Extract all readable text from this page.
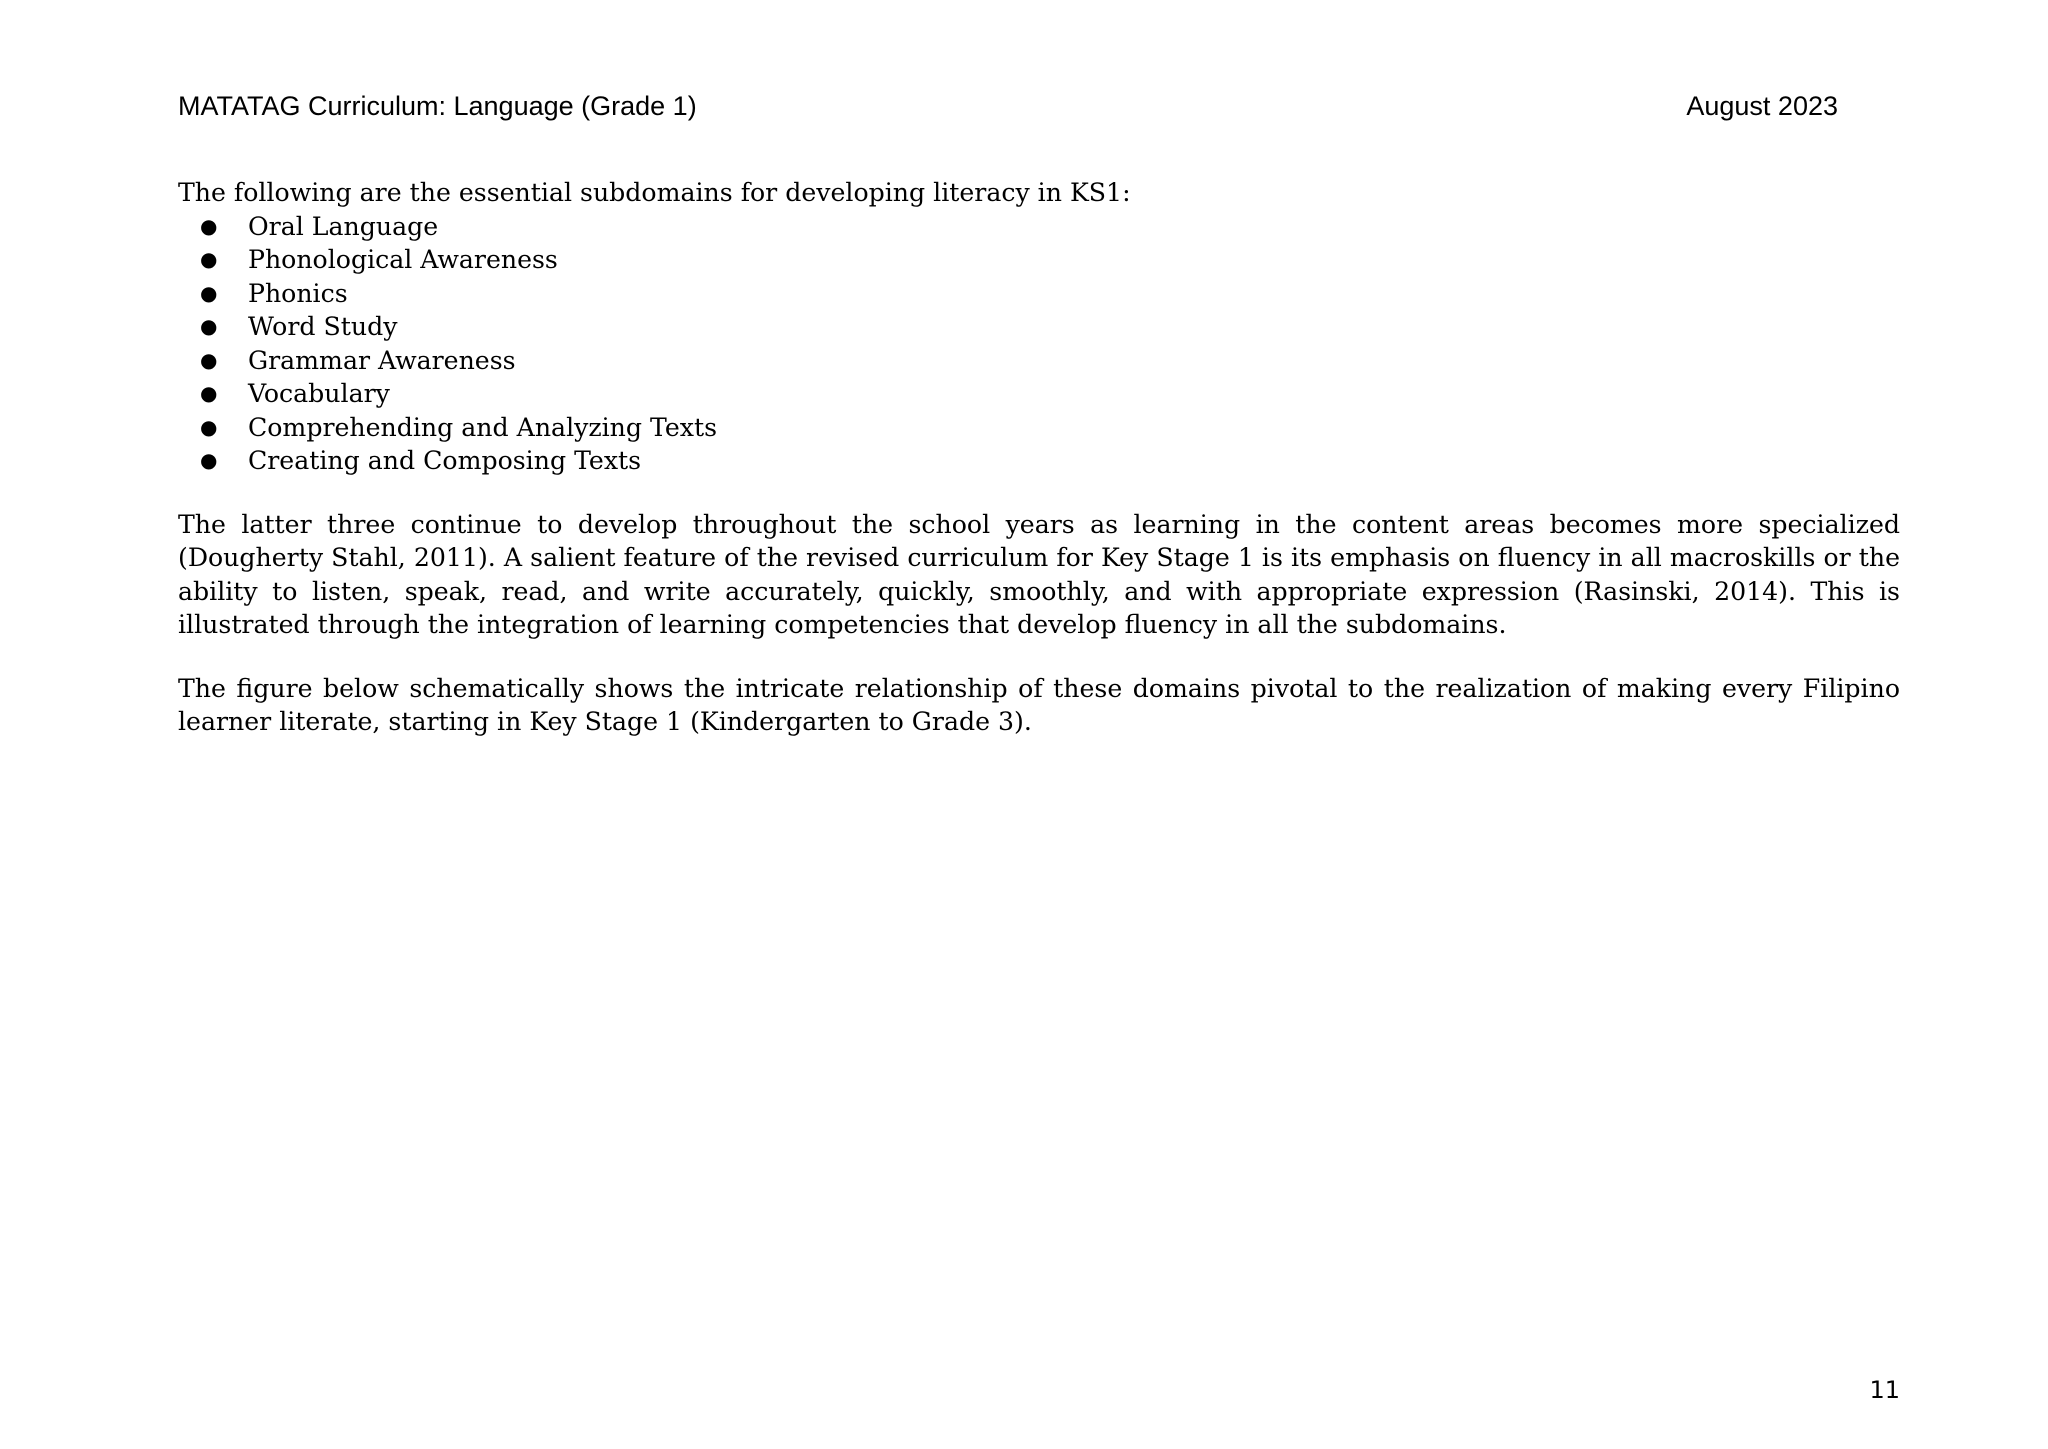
MATATAG Curriculum: Language (Grade 1)	August 2023

The following are the essential subdomains for developing literacy in KS1:

● Oral Language
● Phonological Awareness
● Phonics
● Word Study
● Grammar Awareness
● Vocabulary
● Comprehending and Analyzing Texts
● Creating and Composing Texts

The latter three continue to develop throughout the school years as learning in the content areas becomes more specialized (Dougherty Stahl, 2011). A salient feature of the revised curriculum for Key Stage 1 is its emphasis on fluency in all macroskills or the ability to listen, speak, read, and write accurately, quickly, smoothly, and with appropriate expression (Rasinski, 2014). This is illustrated through the integration of learning competencies that develop fluency in all the subdomains.

The figure below schematically shows the intricate relationship of these domains pivotal to the realization of making every Filipino learner literate, starting in Key Stage 1 (Kindergarten to Grade 3).

11
